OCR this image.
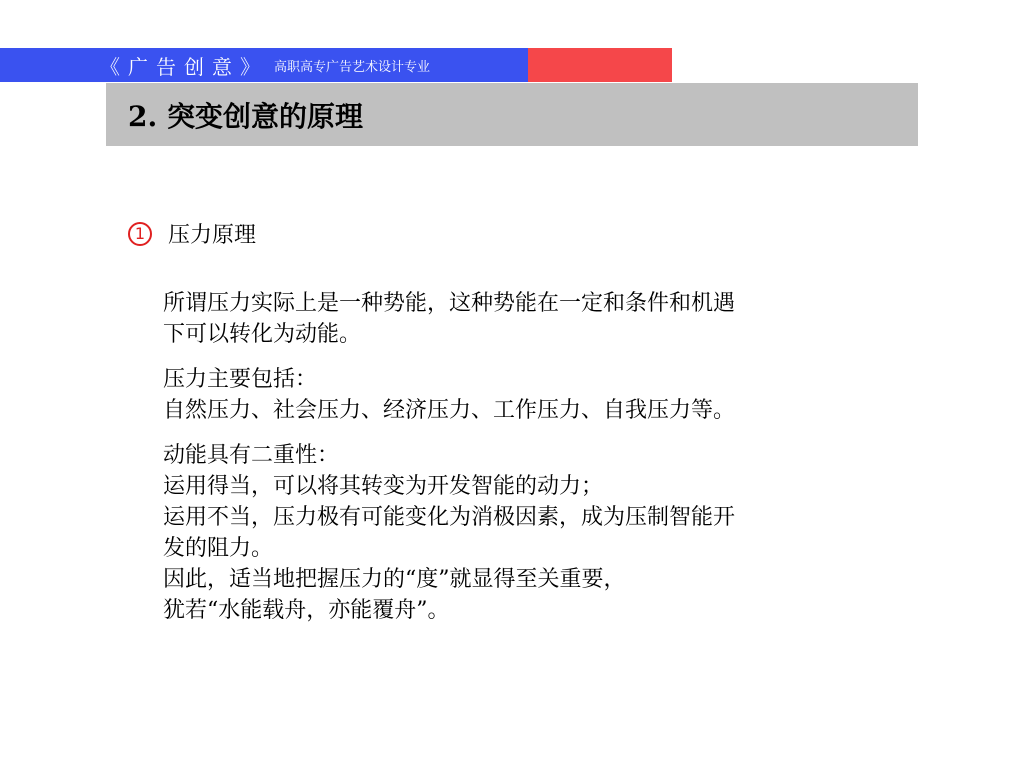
《广告创意》 高职高专广告艺术设计专业
2. 突变创意的原理
1	压力原理

所谓压力实际上是一种势能，这种势能在一定和条件和机遇
下可以转化为动能。

压力主要包括：
自然压力、社会压力、经济压力、工作压力、自我压力等。

动能具有二重性：
运用得当，可以将其转变为开发智能的动力；
运用不当，压力极有可能变化为消极因素，成为压制智能开
发的阻力。
因此，适当地把握压力的“度”就显得至关重要，
犹若“水能载舟，亦能覆舟”。
